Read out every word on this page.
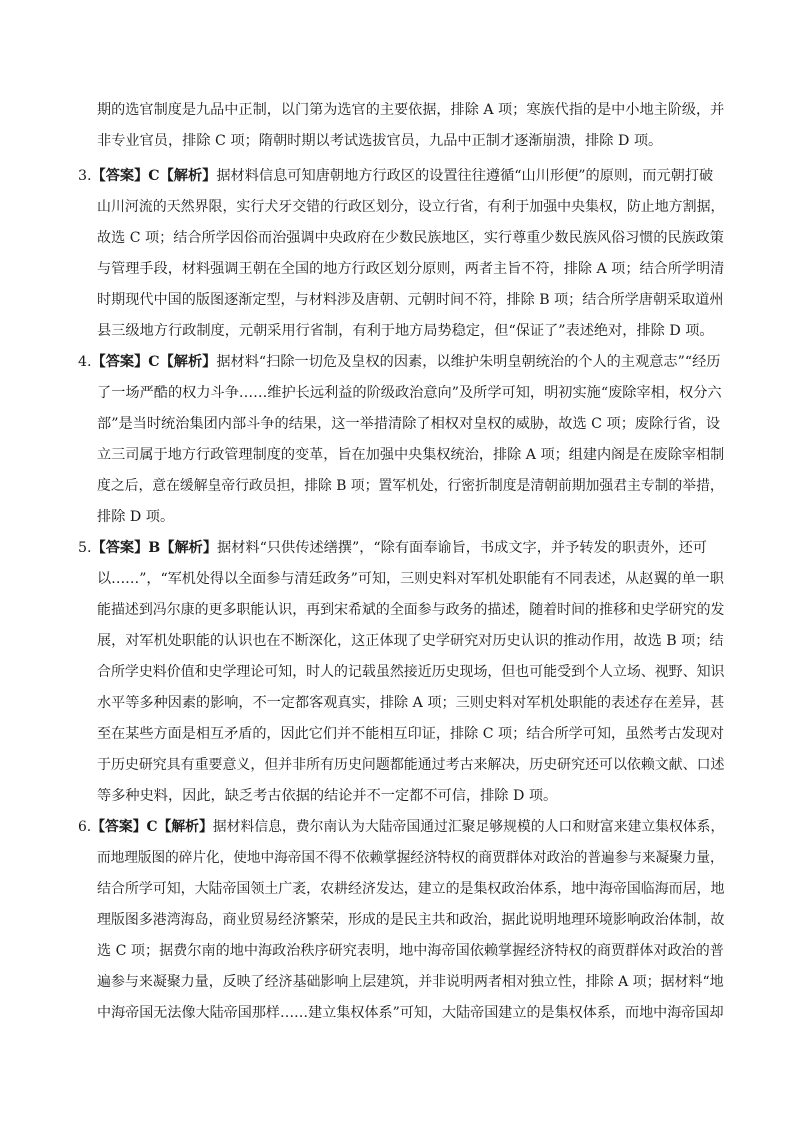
期的选官制度是九品中正制，以门第为选官的主要依据，排除 A 项；寒族代指的是中小地主阶级，并
非专业官员，排除 C 项；隋朝时期以考试选拔官员，九品中正制才逐渐崩溃，排除 D 项。
3.【答案】C【解析】据材料信息可知唐朝地方行政区的设置往往遵循“山川形便”的原则，而元朝打破
山川河流的天然界限，实行犬牙交错的行政区划分，设立行省，有利于加强中央集权，防止地方割据，
故选 C 项；结合所学因俗而治强调中央政府在少数民族地区，实行尊重少数民族风俗习惯的民族政策
与管理手段，材料强调王朝在全国的地方行政区划分原则，两者主旨不符，排除 A 项；结合所学明清
时期现代中国的版图逐渐定型，与材料涉及唐朝、元朝时间不符，排除 B 项；结合所学唐朝采取道州
县三级地方行政制度，元朝采用行省制，有利于地方局势稳定，但“保证了”表述绝对，排除 D 项。
4.【答案】C【解析】据材料“扫除一切危及皇权的因素，以维护朱明皇朝统治的个人的主观意志”“经历
了一场严酷的权力斗争……维护长远利益的阶级政治意向”及所学可知，明初实施“废除宰相，权分六
部”是当时统治集团内部斗争的结果，这一举措清除了相权对皇权的威胁，故选 C 项；废除行省，设
立三司属于地方行政管理制度的变革，旨在加强中央集权统治，排除 A 项；组建内阁是在废除宰相制
度之后，意在缓解皇帝行政员担，排除 B 项；置军机处，行密折制度是清朝前期加强君主专制的举措，
排除 D 项。
5.【答案】B【解析】据材料“只供传述缮撰”，“除有面奉谕旨，书成文字，并予转发的职责外，还可
以……”，“军机处得以全面参与清廷政务”可知，三则史料对军机处职能有不同表述，从赵翼的单一职
能描述到冯尔康的更多职能认识，再到宋希斌的全面参与政务的描述，随着时间的推移和史学研究的发
展，对军机处职能的认识也在不断深化，这正体现了史学研究对历史认识的推动作用，故选 B 项；结
合所学史料价值和史学理论可知，时人的记载虽然接近历史现场，但也可能受到个人立场、视野、知识
水平等多种因素的影响，不一定都客观真实，排除 A 项；三则史料对军机处职能的表述存在差异，甚
至在某些方面是相互矛盾的，因此它们并不能相互印证，排除 C 项；结合所学可知，虽然考古发现对
于历史研究具有重要意义，但并非所有历史问题都能通过考古来解决，历史研究还可以依赖文献、口述
等多种史料，因此，缺乏考古依据的结论并不一定都不可信，排除 D 项。
6.【答案】C【解析】据材料信息，费尔南认为大陆帝国通过汇聚足够规模的人口和财富来建立集权体系，
而地理版图的碎片化，使地中海帝国不得不依赖掌握经济特权的商贾群体对政治的普遍参与来凝聚力量，
结合所学可知，大陆帝国领土广袤，农耕经济发达，建立的是集权政治体系，地中海帝国临海而居，地
理版图多港湾海岛，商业贸易经济繁荣，形成的是民主共和政治，据此说明地理环境影响政治体制，故
选 C 项；据费尔南的地中海政治秩序研究表明，地中海帝国依赖掌握经济特权的商贾群体对政治的普
遍参与来凝聚力量，反映了经济基础影响上层建筑，并非说明两者相对独立性，排除 A 项；据材料“地
中海帝国无法像大陆帝国那样……建立集权体系”可知，大陆帝国建立的是集权体系，而地中海帝国却
